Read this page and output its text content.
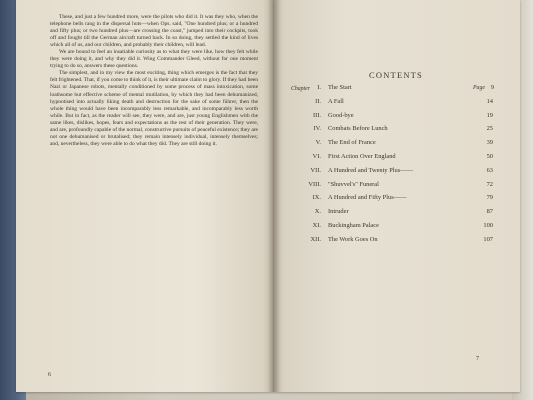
These, and just a few hundred more, were the pilots who did it. It was they who, when the telephone bells rang in the dispersal huts—when Ops. said, "One hundred plus; or a hundred and fifty plus; or two hundred plus—are crossing the coast," jumped into their cockpits, took off and fought till the German aircraft turned back. In so doing, they settled the kind of lives which all of us, and our children, and probably their children, will lead.

We are bound to feel an insatiable curiosity as to what they were like, how they felt while they were doing it, and why they did it. Wing Commander Gleed, without for one moment trying to do so, answers these questions.

The simplest, and in my view the most exciting, thing which emerges is the fact that they felt frightened. That, if you come to think of it, is their ultimate claim to glory. If they had been Nazi or Japanese robots, mentally conditioned by some process of mass intoxication, some loathsome but effective scheme of mental mutilation, by which they had been dehumanized, hypnotised into actually liking death and destruction for the sake of some führer, then the whole thing would have been incomparably less remarkable, and incomparably less worth while. But in fact, as the reader will see, they were, and are, just young Englishmen with the same likes, dislikes, hopes, fears and expectations as the rest of their generation. They were, and are, profoundly capable of the normal, constructive pursuits of peaceful existence; they are not one dehumanised or brutalised; they remain intensely individual, intensely themselves; and, nevertheless, they were able to do what they did. They are still doing it.

6
CONTENTS
Chapter	I. The Start	Page 9
II. A Fall	14
III. Good-bye	19
IV. Combats Before Lunch	25
V. The End of France	39
VI. First Action Over England	50
VII. A Hundred and Twenty Plus——	63
VIII. "Shuvvel's" Funeral	72
IX. A Hundred and Fifty Plus——	79
X. Intruder	87
XI. Buckingham Palace	100
XII. The Work Goes On	107
7
